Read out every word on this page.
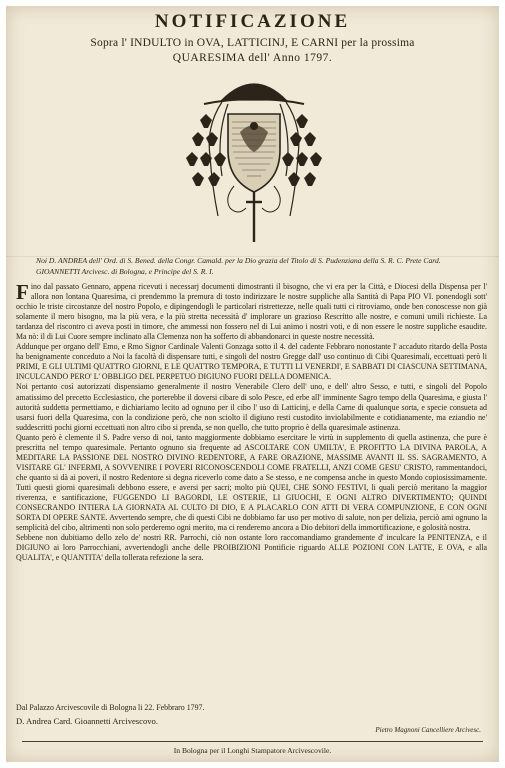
NOTIFICAZIONE
Sopra l' INDULTO in OVA, LATTICINJ, E CARNI per la prossima
QUARESIMA dell' Anno 1797.
Noi D. ANDREA dell' Ord. di S. Bened. della Congr. Camald. per la Dio grazia del Titolo di S. Pudenziana della S. R. C. Prete Card. GIOANNETTI Arcivesc. di Bologna, e Principe del S. R. I.

Fino dal passato Gennaro, appena ricevuti i necessarj documenti dimostranti il bisogno, che vi era per la Città, e Diocesi della Dispensa per l' allora non lontana Quaresima, ci prendemmo la premura di tosto indirizzare le nostre suppliche alla Santità di Papa PIO VI. ponendogli sott' occhio le triste circostanze del nostro Popolo, e dipingendogli le particolari ristrettezze, nelle quali tutti ci ritroviamo, onde ben conoscesse non già solamente il mero bisogno, ma la più vera, e la più stretta necessità d' implorare un grazioso Rescritto alle nostre, e comuni umili richieste. La tardanza del riscontro ci aveva posti in timore, che ammessi non fossero nel di Lui animo i nostri voti, e di non essere le nostre suppliche esaudite. Ma nò: il di Lui Cuore sempre inclinato alla Clemenza non ha sofferto di abbandonarci in queste nostre necessità.

Addunque per organo dell' Emo, e Rmo Signor Cardinale Valenti Gonzaga sotto il 4. del cadente Febbraro nonostante l' accaduto ritardo della Posta ha benignamente conceduto a Noi la facoltà di dispensare tutti, e singoli del nostro Gregge dall' uso continuo di Cibi Quaresimali, eccettuati però li PRIMI, E GLI ULTIMI QUATTRO GIORNI, E LE QUATTRO TEMPORA, E TUTTI LI VENERDI', E SABBATI DI CIASCUNA SETTIMANA, INCULCANDO PERO' L' OBBLIGO DEL PERPETUO DIGIUNO FUORI DELLA DOMENICA.

Noi pertanto così autorizzati dispensiamo generalmente il nostro Venerabile Clero dell' uno, e dell' altro Sesso, e tutti, e singoli del Popolo amatissimo del precetto Ecclesiastico, che porterebbe il doversi cibare di solo Pesce, ed erbe all' imminente Sagro tempo della Quaresima, e giusta l' autorità suddetta permettiamo, e dichiariamo lecito ad ognuno per il cibo l' uso di Latticinj, e della Carne di qualunque sorta, e specie consueta ad usarsi fuori della Quaresima, con la condizione però, che non sciolto il digiuno resti custodito inviolabilmente e cotidianamente, ma eziandio ne' suddescritti pochi giorni eccettuati non altro cibo si prenda, se non quello, che tutto proprio è della quaresimale astinenza.

Quanto però è clemente il S. Padre verso di noi, tanto maggiormente dobbiamo esercitare le virtù in supplemento di quella astinenza, che pure è prescritta nel tempo quaresimale. Pertanto ognuno sia frequente ad ASCOLTARE CON UMILTA', E PROFITTO LA DIVINA PAROLA, A MEDITARE LA PASSIONE DEL NOSTRO DIVINO REDENTORE, A FARE ORAZIONE, MASSIME AVANTI IL SS. SAGRAMENTO, A VISITARE GL' INFERMI, A SOVVENIRE I POVERI RICONOSCENDOLI COME FRATELLI, ANZI COME GESU' CRISTO, rammentandoci, che quanto si dà ai poveri, il nostro Redentore si degna riceverlo come dato a Se stesso, e ne compensa anche in questo Mondo copiosissimamente. Tutti questi giorni quaresimali debbono essere, e aversi per sacri; molto più QUEI, CHE SONO FESTIVI, li quali perciò meritano la maggior riverenza, e santificazione, FUGGENDO LI BAGORDI, LE OSTERIE, LI GIUOCHI, E OGNI ALTRO DIVERTIMENTO; QUINDI CONSECRANDO INTIERA LA GIORNATA AL CULTO DI DIO, E A PLACARLO CON ATTI DI VERA COMPUNZIONE, E CON OGNI SORTA DI OPERE SANTE. Avvertendo sempre, che di questi Cibi ne dobbiamo far uso per motivo di salute, non per delizia, perciò ami ognuno la semplicità del cibo, altrimenti non solo perderemo ogni merito, ma ci renderemo ancora a Dio debitori della immortificazione, e golosità nostra.

Sebbene non dubitiamo dello zelo de' nostri RR. Parrochi, ciò non ostante loro raccomandiamo grandemente d' inculcare la PENITENZA, e il DIGIUNO ai loro Parrocchiani, avvertendogli anche delle PROIBIZIONI Pontificie riguardo ALLE POZIONI CON LATTE, E OVA, e alla QUALITA', e QUANTITA' della tollerata refezione la sera.

Dal Palazzo Arcivescovile di Bologna li 22. Febbraro 1797.
D. Andrea Card. Gioannetti Arcivescovo.
Pietro Magnoni Cancelliere Arcivesc.
In Bologna per il Longhi Stampatore Arcivescovile.
